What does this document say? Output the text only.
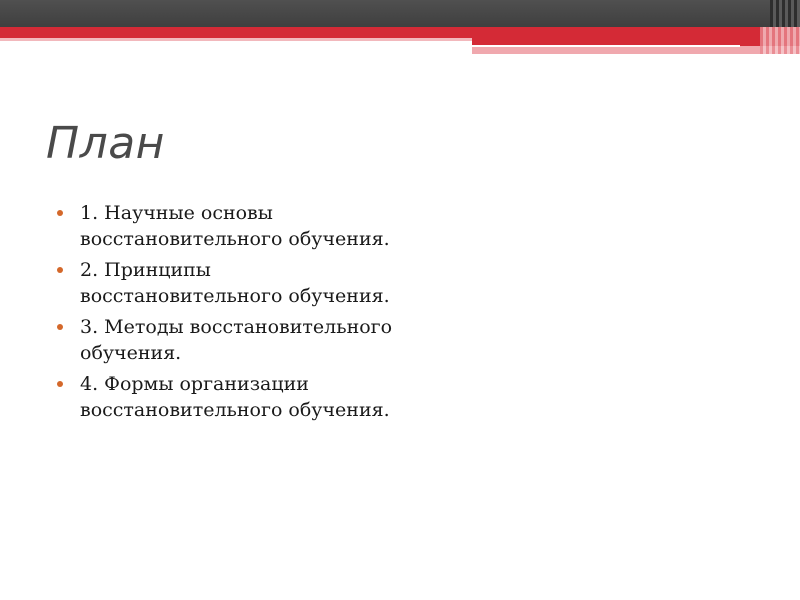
План
1. Научные основы восстановительного обучения.
2. Принципы восстановительного обучения.
3. Методы восстановительного обучения.
4. Формы организации восстановительного обучения.
